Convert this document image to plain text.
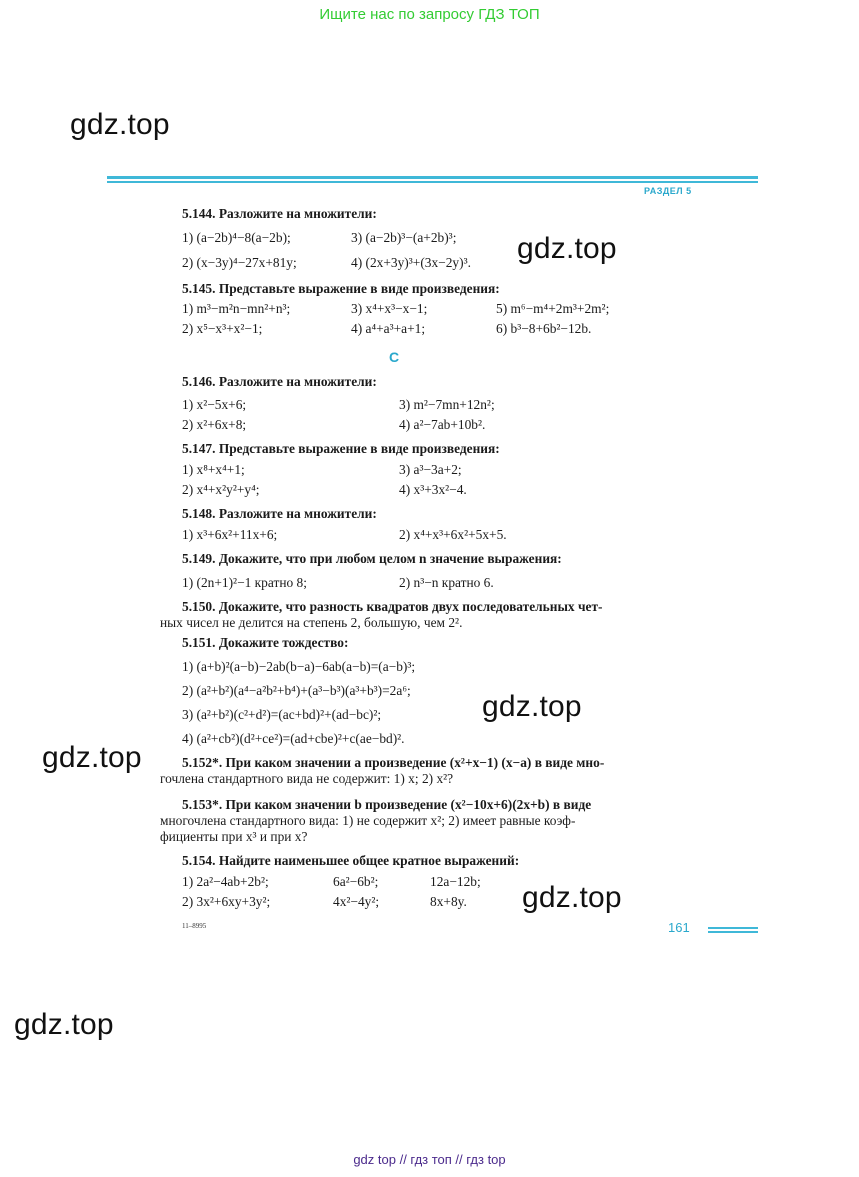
Ищите нас по запросу ГДЗ ТОП
gdz.top
gdz.top
gdz.top
gdz.top
gdz.top
gdz.top
РАЗДЕЛ 5
5.144. Разложите на множители:
1) (a−2b)⁴−8(a−2b);	3) (a−2b)³−(a+2b)³;
2) (x−3y)⁴−27x+81y;	4) (2x+3y)³+(3x−2y)³.
5.145. Представьте выражение в виде произведения:
1) m³−m²n−mn²+n³;	3) x⁴+x³−x−1;	5) m⁶−m⁴+2m³+2m²;
2) x⁵−x³+x²−1;	4) a⁴+a³+a+1;	6) b³−8+6b²−12b.
С
5.146. Разложите на множители:
1) x²−5x+6;	3) m²−7mn+12n²;
2) x²+6x+8;	4) a²−7ab+10b².
5.147. Представьте выражение в виде произведения:
1) x⁸+x⁴+1;	3) a³−3a+2;
2) x⁴+x²y²+y⁴;	4) x³+3x²−4.
5.148. Разложите на множители:
1) x³+6x²+11x+6;	2) x⁴+x³+6x²+5x+5.
5.149. Докажите, что при любом целом n значение выражения:
1) (2n+1)²−1 кратно 8;	2) n³−n кратно 6.
5.150. Докажите, что разность квадратов двух последовательных чет-
ных чисел не делится на степень 2, большую, чем 2².
5.151. Докажите тождество:
1) (a+b)²(a−b)−2ab(b−a)−6ab(a−b)=(a−b)³;
2) (a²+b²)(a⁴−a²b²+b⁴)+(a³−b³)(a³+b³)=2a⁶;
3) (a²+b²)(c²+d²)=(ac+bd)²+(ad−bc)²;
4) (a²+cb²)(d²+ce²)=(ad+cbe)²+c(ae−bd)².
5.152*. При каком значении a произведение (x²+x−1) (x−a) в виде мно-
гочлена стандартного вида не содержит: 1) x; 2) x²?
5.153*. При каком значении b произведение (x²−10x+6)(2x+b) в виде
многочлена стандартного вида: 1) не содержит x²; 2) имеет равные коэф-
фициенты при x³ и при x?
5.154. Найдите наименьшее общее кратное выражений:
1) 2a²−4ab+2b²;	6a²−6b²;	12a−12b;
2) 3x²+6xy+3y²;	4x²−4y²;	8x+8y.
11–8995	161
gdz top // гдз топ // гдз top
